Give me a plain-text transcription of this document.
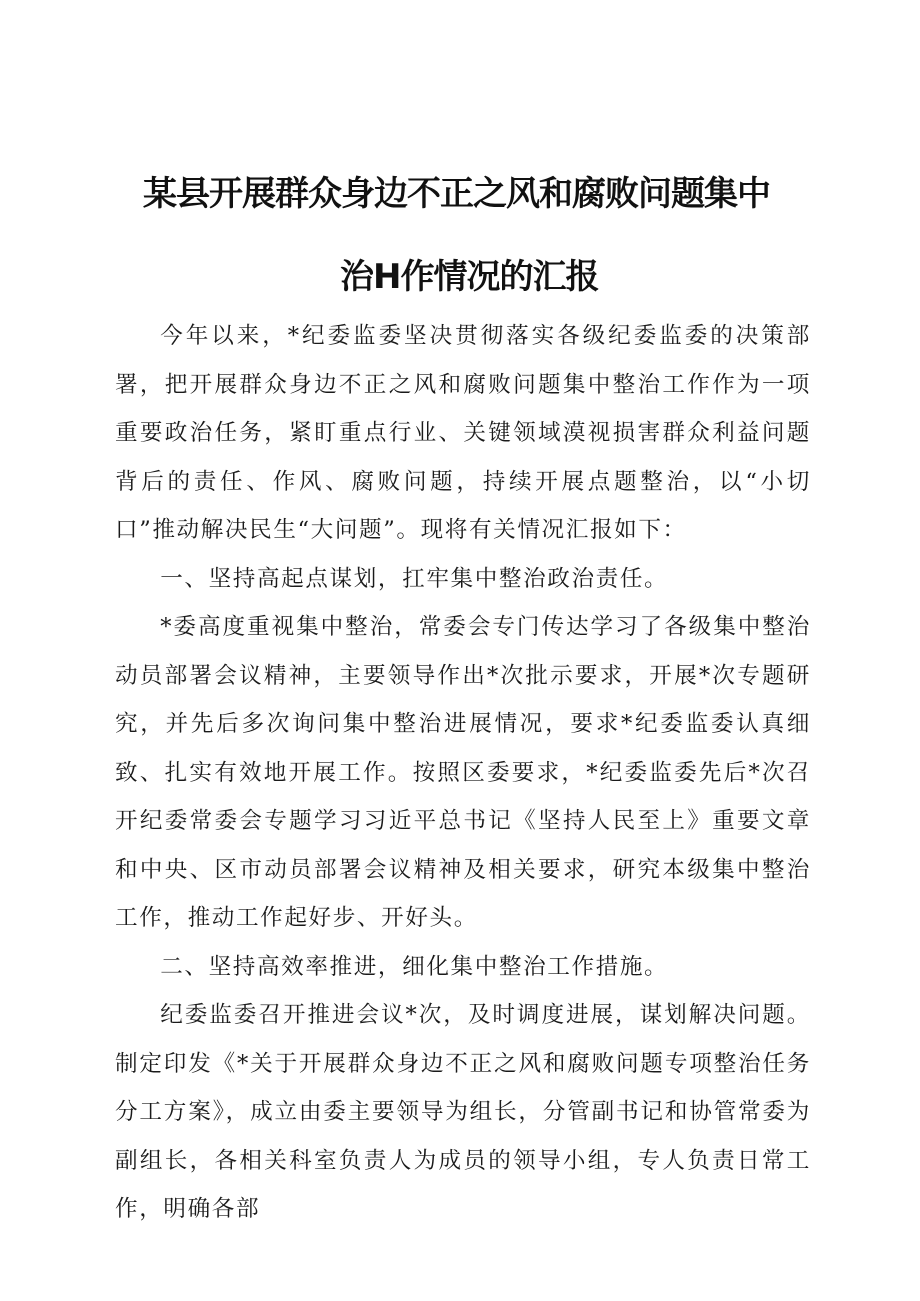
某县开展群众身边不正之风和腐败问题集中
治H作情况的汇报

今年以来，*纪委监委坚决贯彻落实各级纪委监委的决策部署，把开展群众身边不正之风和腐败问题集中整治工作作为一项重要政治任务，紧盯重点行业、关键领域漠视损害群众利益问题背后的责任、作风、腐败问题，持续开展点题整治，以“小切口”推动解决民生“大问题”。现将有关情况汇报如下：

一、坚持高起点谋划，扛牢集中整治政治责任。

*委高度重视集中整治，常委会专门传达学习了各级集中整治动员部署会议精神，主要领导作出*次批示要求，开展*次专题研究，并先后多次询问集中整治进展情况，要求*纪委监委认真细致、扎实有效地开展工作。按照区委要求，*纪委监委先后*次召开纪委常委会专题学习习近平总书记《坚持人民至上》重要文章和中央、区市动员部署会议精神及相关要求，研究本级集中整治工作，推动工作起好步、开好头。

二、坚持高效率推进，细化集中整治工作措施。

纪委监委召开推进会议*次，及时调度进展，谋划解决问题。制定印发《*关于开展群众身边不正之风和腐败问题专项整治任务分工方案》，成立由委主要领导为组长，分管副书记和协管常委为副组长，各相关科室负责人为成员的领导小组，专人负责日常工作，明确各部
